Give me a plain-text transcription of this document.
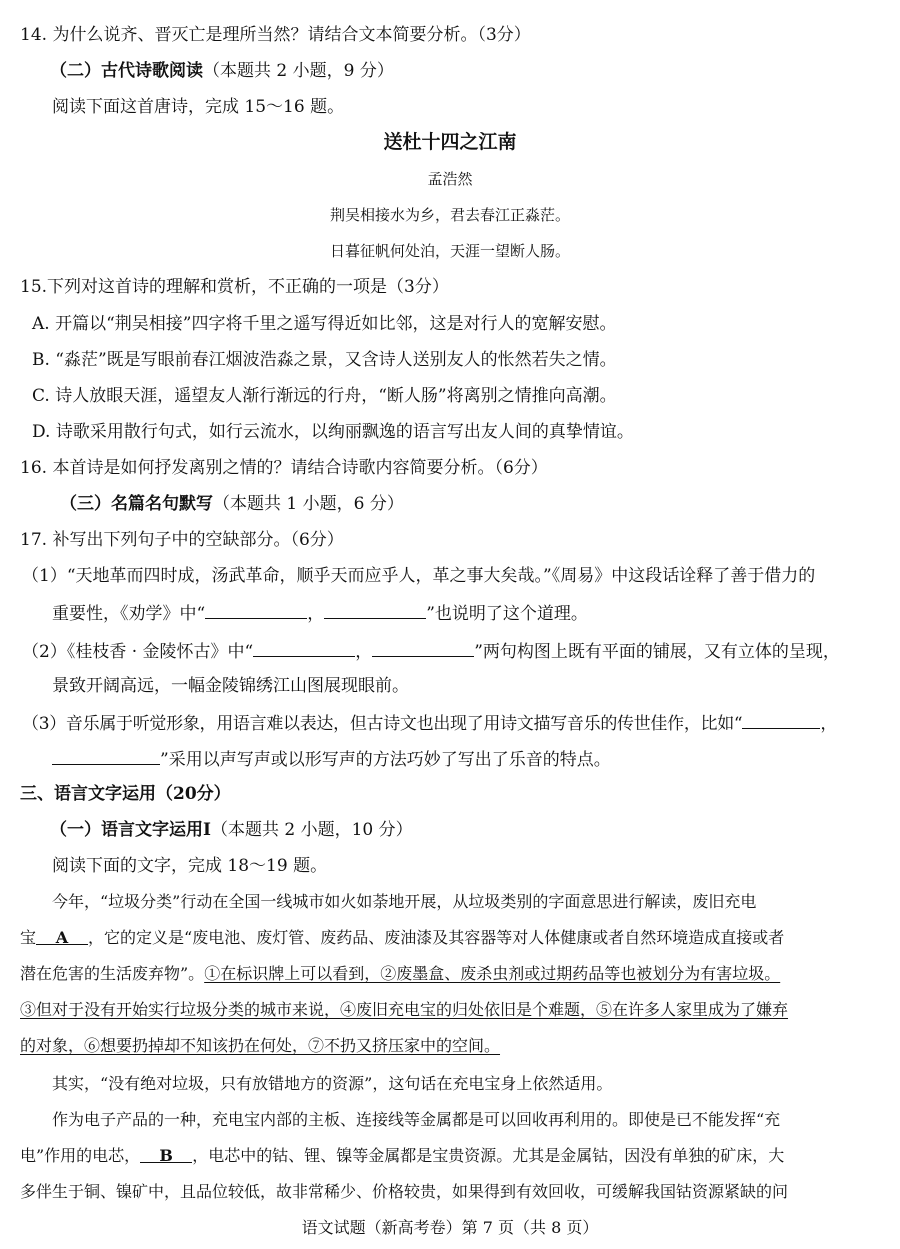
14. 为什么说齐、晋灭亡是理所当然？请结合文本简要分析。（3分）
（二）古代诗歌阅读（本题共 2 小题，9 分）
阅读下面这首唐诗，完成 15～16 题。
送杜十四之江南
孟浩然
荆吴相接水为乡，君去春江正淼茫。
日暮征帆何处泊，天涯一望断人肠。
15.下列对这首诗的理解和赏析，不正确的一项是（3分）
A. 开篇以“荆吴相接”四字将千里之遥写得近如比邻，这是对行人的宽解安慰。
B. “淼茫”既是写眼前春江烟波浩淼之景，又含诗人送别友人的怅然若失之情。
C. 诗人放眼天涯，遥望友人渐行渐远的行舟，“断人肠”将离别之情推向高潮。
D. 诗歌采用散行句式，如行云流水，以绚丽飘逸的语言写出友人间的真挚情谊。
16. 本首诗是如何抒发离别之情的？请结合诗歌内容简要分析。（6分）
（三）名篇名句默写（本题共 1 小题，6 分）
17. 补写出下列句子中的空缺部分。（6分）
（1）“天地革而四时成，汤武革命，顺乎天而应乎人，革之事大矣哉。”《周易》中这段话诠释了善于借力的
重要性，《劝学》中“	，	”也说明了这个道理。
（2）《桂枝香 · 金陵怀古》中“	，	”两句构图上既有平面的铺展，又有立体的呈现，
景致开阔高远，一幅金陵锦绣江山图展现眼前。
（3）音乐属于听觉形象，用语言难以表达，但古诗文也出现了用诗文描写音乐的传世佳作，比如“	，
”采用以声写声或以形写声的方法巧妙了写出了乐音的特点。
三、语言文字运用（20分）
（一）语言文字运用Ⅰ（本题共 2 小题，10 分）
阅读下面的文字，完成 18～19 题。
今年，“垃圾分类”行动在全国一线城市如火如荼地开展，从垃圾类别的字面意思进行解读，废旧充电
宝 A ，它的定义是“废电池、废灯管、废药品、废油漆及其容器等对人体健康或者自然环境造成直接或者
潜在危害的生活废弃物”。①在标识牌上可以看到，②废墨盒、废杀虫剂或过期药品等也被划分为有害垃圾。
③但对于没有开始实行垃圾分类的城市来说，④废旧充电宝的归处依旧是个难题，⑤在许多人家里成为了嫌弃
的对象，⑥想要扔掉却不知该扔在何处，⑦不扔又挤压家中的空间。
其实，“没有绝对垃圾，只有放错地方的资源”，这句话在充电宝身上依然适用。
作为电子产品的一种，充电宝内部的主板、连接线等金属都是可以回收再利用的。即使是已不能发挥“充
电”作用的电芯， B ，电芯中的钴、锂、镍等金属都是宝贵资源。尤其是金属钴，因没有单独的矿床，大
多伴生于铜、镍矿中，且品位较低，故非常稀少、价格较贵，如果得到有效回收，可缓解我国钴资源紧缺的问
语文试题（新高考卷）第 7 页（共 8 页）
